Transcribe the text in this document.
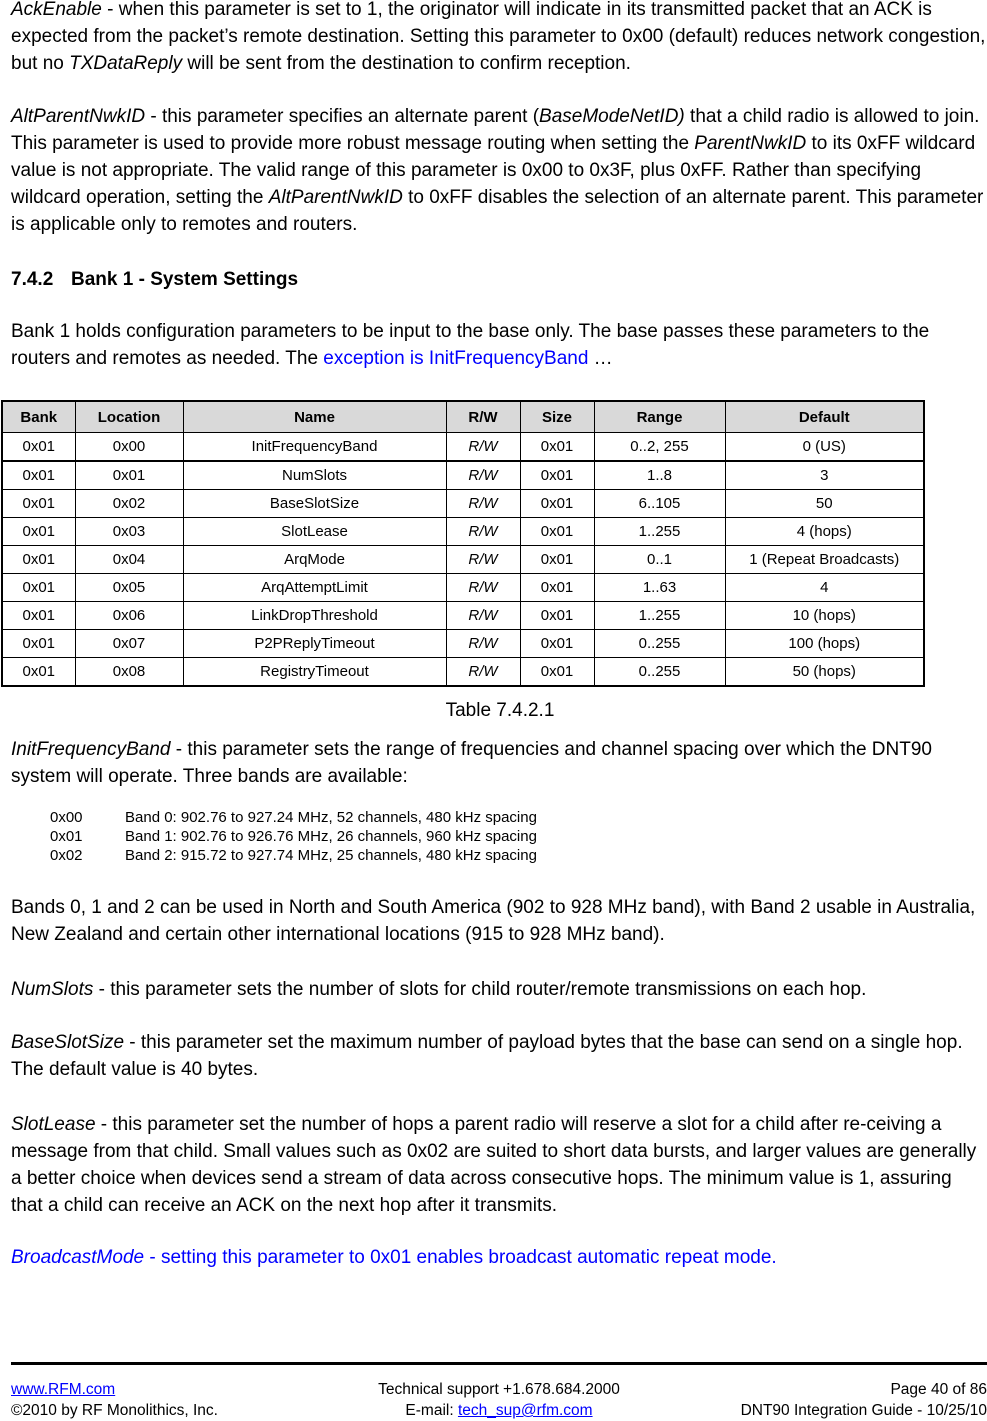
AckEnable - when this parameter is set to 1, the originator will indicate in its transmitted packet that an ACK is expected from the packet’s remote destination. Setting this parameter to 0x00 (default) reduces network congestion, but no TXDataReply will be sent from the destination to confirm reception.

AltParentNwkID - this parameter specifies an alternate parent (BaseModeNetID) that a child radio is allowed to join. This parameter is used to provide more robust message routing when setting the ParentNwkID to its 0xFF wildcard value is not appropriate. The valid range of this parameter is 0x00 to 0x3F, plus 0xFF. Rather than specifying wildcard operation, setting the AltParentNwkID to 0xFF disables the selection of an alternate parent. This parameter is applicable only to remotes and routers.

7.4.2 Bank 1 - System Settings

Bank 1 holds configuration parameters to be input to the base only. The base passes these parameters to the routers and remotes as needed. The exception is InitFrequencyBand …

Bank	Location	Name	R/W	Size	Range	Default
0x01	0x00	InitFrequencyBand	R/W	0x01	0..2, 255	0 (US)
0x01	0x01	NumSlots	R/W	0x01	1..8	3
0x01	0x02	BaseSlotSize	R/W	0x01	6..105	50
0x01	0x03	SlotLease	R/W	0x01	1..255	4 (hops)
0x01	0x04	ArqMode	R/W	0x01	0..1	1 (Repeat Broadcasts)
0x01	0x05	ArqAttemptLimit	R/W	0x01	1..63	4
0x01	0x06	LinkDropThreshold	R/W	0x01	1..255	10 (hops)
0x01	0x07	P2PReplyTimeout	R/W	0x01	0..255	100 (hops)
0x01	0x08	RegistryTimeout	R/W	0x01	0..255	50 (hops)

Table 7.4.2.1

InitFrequencyBand - this parameter sets the range of frequencies and channel spacing over which the DNT90 system will operate. Three bands are available:

0x00	Band 0: 902.76 to 927.24 MHz, 52 channels, 480 kHz spacing
0x01	Band 1: 902.76 to 926.76 MHz, 26 channels, 960 kHz spacing
0x02	Band 2: 915.72 to 927.74 MHz, 25 channels, 480 kHz spacing

Bands 0, 1 and 2 can be used in North and South America (902 to 928 MHz band), with Band 2 usable in Australia, New Zealand and certain other international locations (915 to 928 MHz band).

NumSlots - this parameter sets the number of slots for child router/remote transmissions on each hop.

BaseSlotSize - this parameter set the maximum number of payload bytes that the base can send on a single hop. The default value is 40 bytes.

SlotLease - this parameter set the number of hops a parent radio will reserve a slot for a child after re-ceiving a message from that child. Small values such as 0x02 are suited to short data bursts, and larger values are generally a better choice when devices send a stream of data across consecutive hops. The minimum value is 1, assuring that a child can receive an ACK on the next hop after it transmits.

BroadcastMode - setting this parameter to 0x01 enables broadcast automatic repeat mode.

www.RFM.com	Technical support +1.678.684.2000	Page 40 of 86
©2010 by RF Monolithics, Inc.	E-mail: tech_sup@rfm.com	DNT90 Integration Guide - 10/25/10
